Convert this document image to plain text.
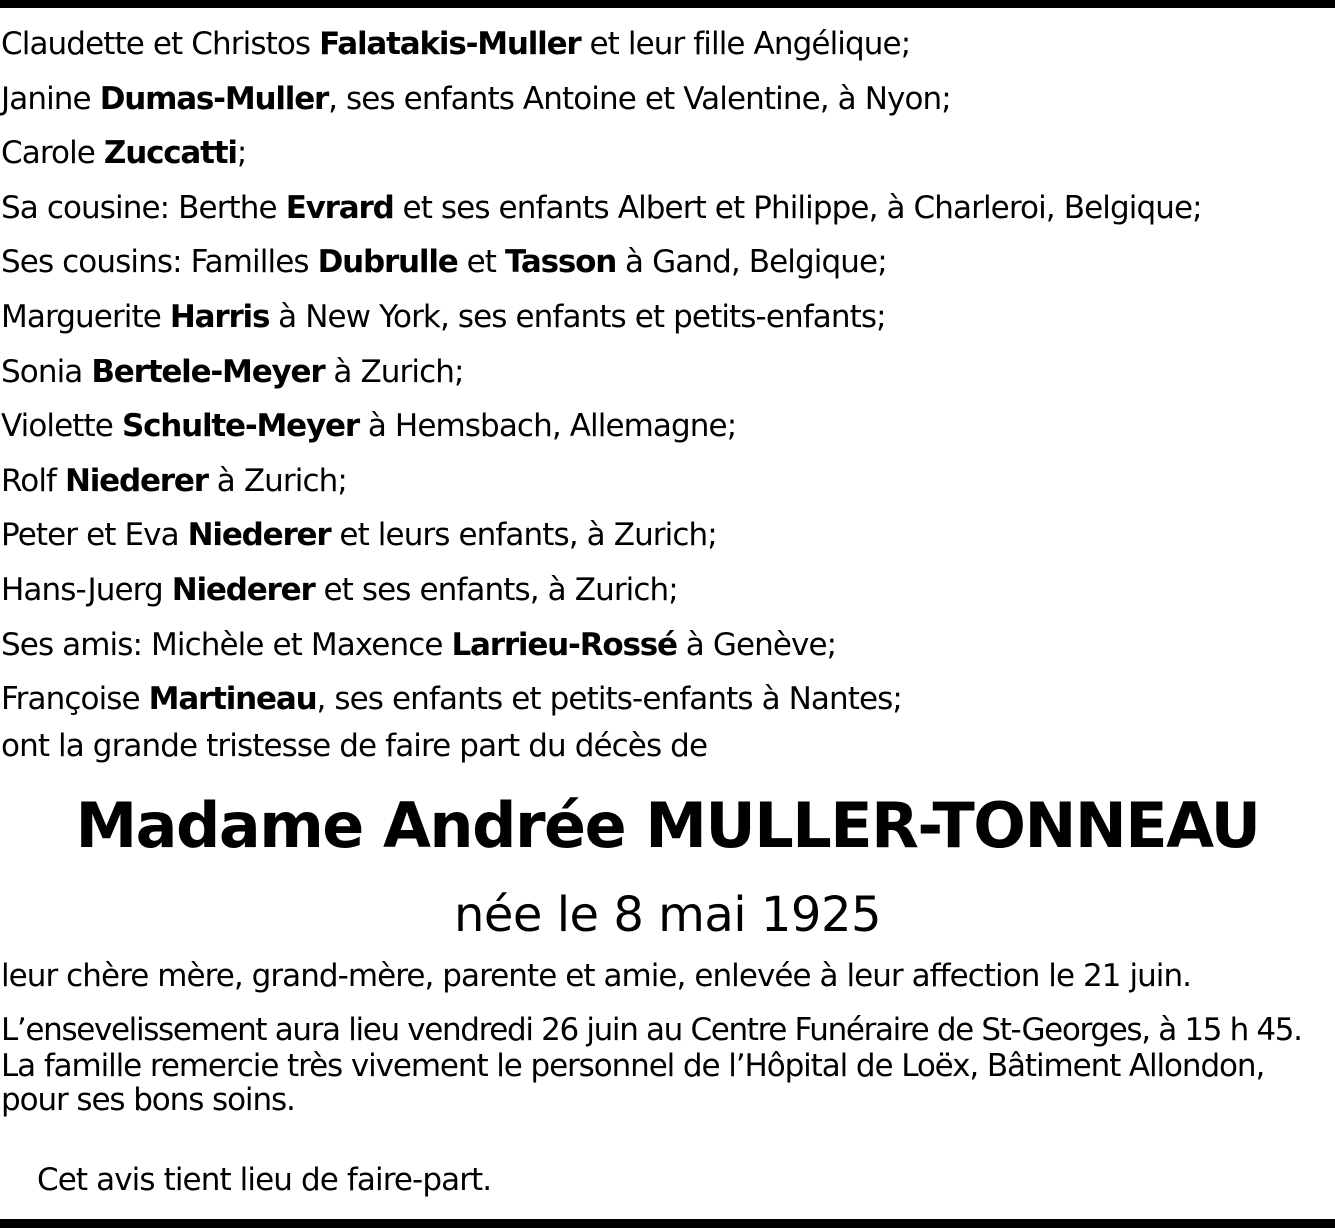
Claudette et Christos Falatakis-Muller et leur fille Angélique;
Janine Dumas-Muller, ses enfants Antoine et Valentine, à Nyon;
Carole Zuccatti;
Sa cousine: Berthe Evrard et ses enfants Albert et Philippe, à Charleroi, Belgique;
Ses cousins: Familles Dubrulle et Tasson à Gand, Belgique;
Marguerite Harris à New York, ses enfants et petits-enfants;
Sonia Bertele-Meyer à Zurich;
Violette Schulte-Meyer à Hemsbach, Allemagne;
Rolf Niederer à Zurich;
Peter et Eva Niederer et leurs enfants, à Zurich;
Hans-Juerg Niederer et ses enfants, à Zurich;
Ses amis: Michèle et Maxence Larrieu-Rossé à Genève;
Françoise Martineau, ses enfants et petits-enfants à Nantes;
ont la grande tristesse de faire part du décès de
Madame Andrée MULLER-TONNEAU
née le 8 mai 1925
leur chère mère, grand-mère, parente et amie, enlevée à leur affection le 21 juin.
L’ensevelissement aura lieu vendredi 26 juin au Centre Funéraire de St-Georges, à 15 h 45.
La famille remercie très vivement le personnel de l’Hôpital de Loëx, Bâtiment Allondon,
pour ses bons soins.
Cet avis tient lieu de faire-part.
